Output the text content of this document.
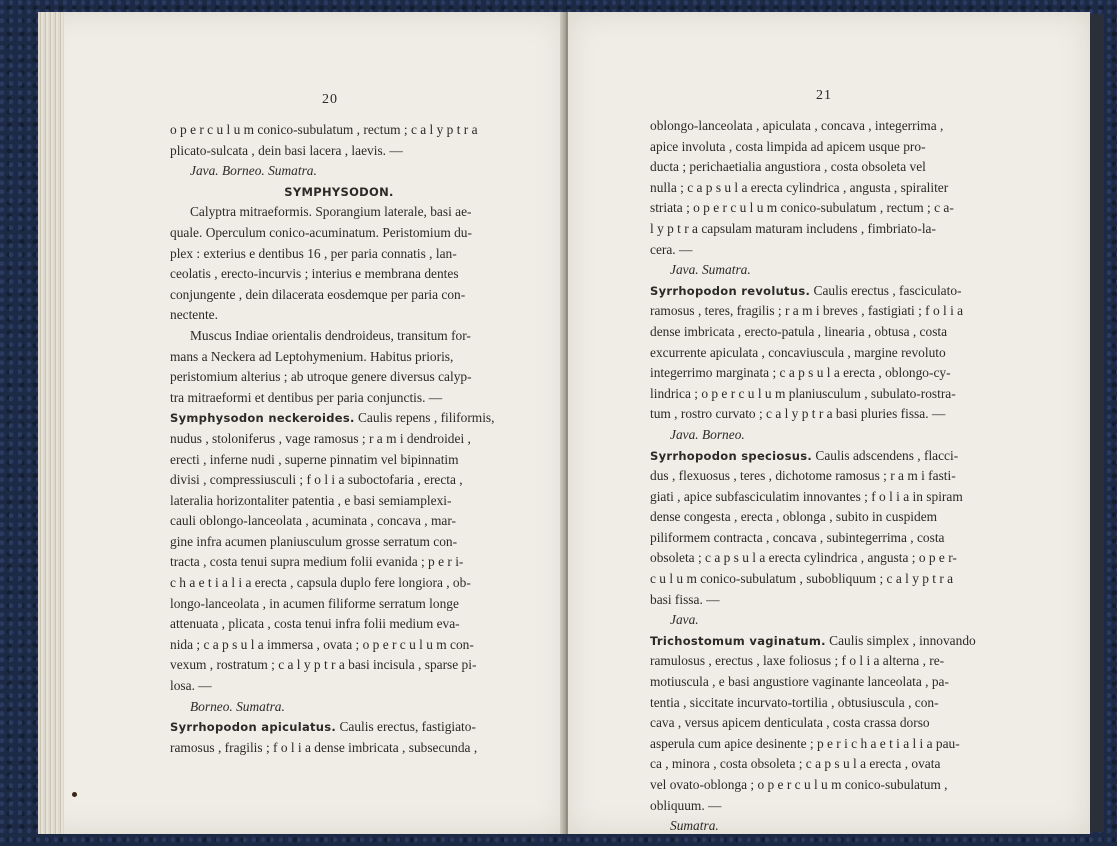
20
o p e r c u l u m conico-subulatum , rectum ; c a l y p t r a
plicato-sulcata , dein basi lacera , laevis. —
Java. Borneo. Sumatra.
SYMPHYSODON.
Calyptra mitraeformis. Sporangium laterale, basi ae-
quale. Operculum conico-acuminatum. Peristomium du-
plex : exterius e dentibus 16 , per paria connatis , lan-
ceolatis , erecto-incurvis ; interius e membrana dentes
conjungente , dein dilacerata eosdemque per paria con-
nectente.
Muscus Indiae orientalis dendroideus, transitum for-
mans a Neckera ad Leptohymenium. Habitus prioris,
peristomium alterius ; ab utroque genere diversus calyp-
tra mitraeformi et dentibus per paria conjunctis. —
Symphysodon neckeroides. Caulis repens , filiformis,
nudus , stoloniferus , vage ramosus ; r a m i dendroidei ,
erecti , inferne nudi , superne pinnatim vel bipinnatim
divisi , compressiusculi ; f o l i a suboctofaria , erecta ,
lateralia horizontaliter patentia , e basi semiamplexi-
cauli oblongo-lanceolata , acuminata , concava , mar-
gine infra acumen planiusculum grosse serratum con-
tracta , costa tenui supra medium folii evanida ; p e r i-
c h a e t i a l i a erecta , capsula duplo fere longiora , ob-
longo-lanceolata , in acumen filiforme serratum longe
attenuata , plicata , costa tenui infra folii medium eva-
nida ; c a p s u l a immersa , ovata ; o p e r c u l u m con-
vexum , rostratum ; c a l y p t r a basi incisula , sparse pi-
losa. —
Borneo. Sumatra.
Syrrhopodon apiculatus. Caulis erectus, fastigiato-
ramosus , fragilis ; f o l i a dense imbricata , subsecunda ,
21
oblongo-lanceolata , apiculata , concava , integerrima ,
apice involuta , costa limpida ad apicem usque pro-
ducta ; perichaetialia angustiora , costa obsoleta vel
nulla ; c a p s u l a erecta cylindrica , angusta , spiraliter
striata ; o p e r c u l u m conico-subulatum , rectum ; c a-
l y p t r a capsulam maturam includens , fimbriato-la-
cera. —
Java. Sumatra.
Syrrhopodon revolutus. Caulis erectus , fasciculato-
ramosus , teres, fragilis ; r a m i breves , fastigiati ; f o l i a
dense imbricata , erecto-patula , linearia , obtusa , costa
excurrente apiculata , concaviuscula , margine revoluto
integerrimo marginata ; c a p s u l a erecta , oblongo-cy-
lindrica ; o p e r c u l u m planiusculum , subulato-rostra-
tum , rostro curvato ; c a l y p t r a basi pluries fissa. —
Java. Borneo.
Syrrhopodon speciosus. Caulis adscendens , flacci-
dus , flexuosus , teres , dichotome ramosus ; r a m i fasti-
giati , apice subfasciculatim innovantes ; f o l i a in spiram
dense congesta , erecta , oblonga , subito in cuspidem
piliformem contracta , concava , subintegerrima , costa
obsoleta ; c a p s u l a erecta cylindrica , angusta ; o p e r-
c u l u m conico-subulatum , subobliquum ; c a l y p t r a
basi fissa. —
Java.
Trichostomum vaginatum. Caulis simplex , innovando
ramulosus , erectus , laxe foliosus ; f o l i a alterna , re-
motiuscula , e basi angustiore vaginante lanceolata , pa-
tentia , siccitate incurvato-tortilia , obtusiuscula , con-
cava , versus apicem denticulata , costa crassa dorso
asperula cum apice desinente ; p e r i c h a e t i a l i a pau-
ca , minora , costa obsoleta ; c a p s u l a erecta , ovata
vel ovato-oblonga ; o p e r c u l u m conico-subulatum ,
obliquum. —
Sumatra.
